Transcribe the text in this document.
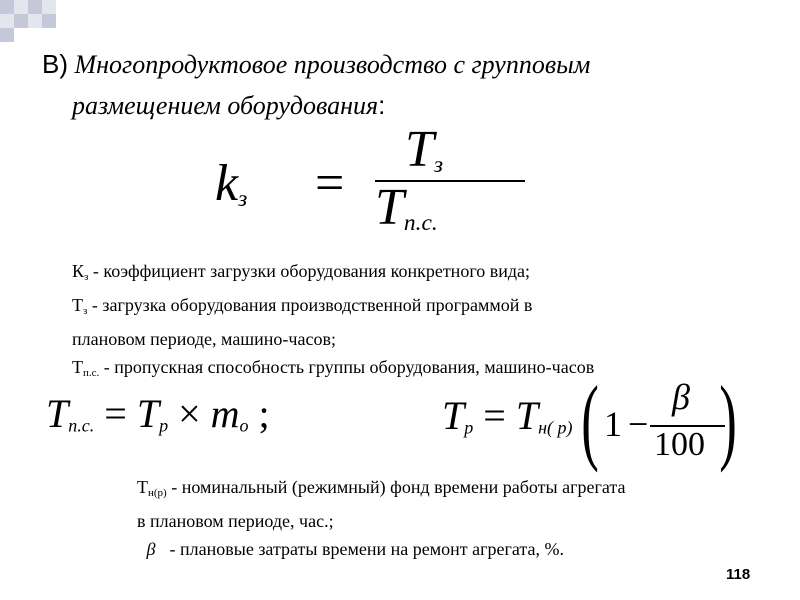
В) Многопродуктовое производство с групповым
размещением оборудования:
$k_з$ =
$T_з$
$T_{п.с.}$
Кз - коэффициент загрузки оборудования конкретного вида;
Тз - загрузка оборудования производственной программой в
плановом периоде, машино-часов;
Тп.с. - пропускная способность группы оборудования, машино-часов
$T_{п.с.} = T_р \times m_о$ ;	$T_р = T_{н( р)}$ ( 1 −
β
100 )
Тн(р) - номинальный (режимный) фонд времени работы агрегата
в плановом периоде, час.;
β - плановые затраты времени на ремонт агрегата, %.
118
